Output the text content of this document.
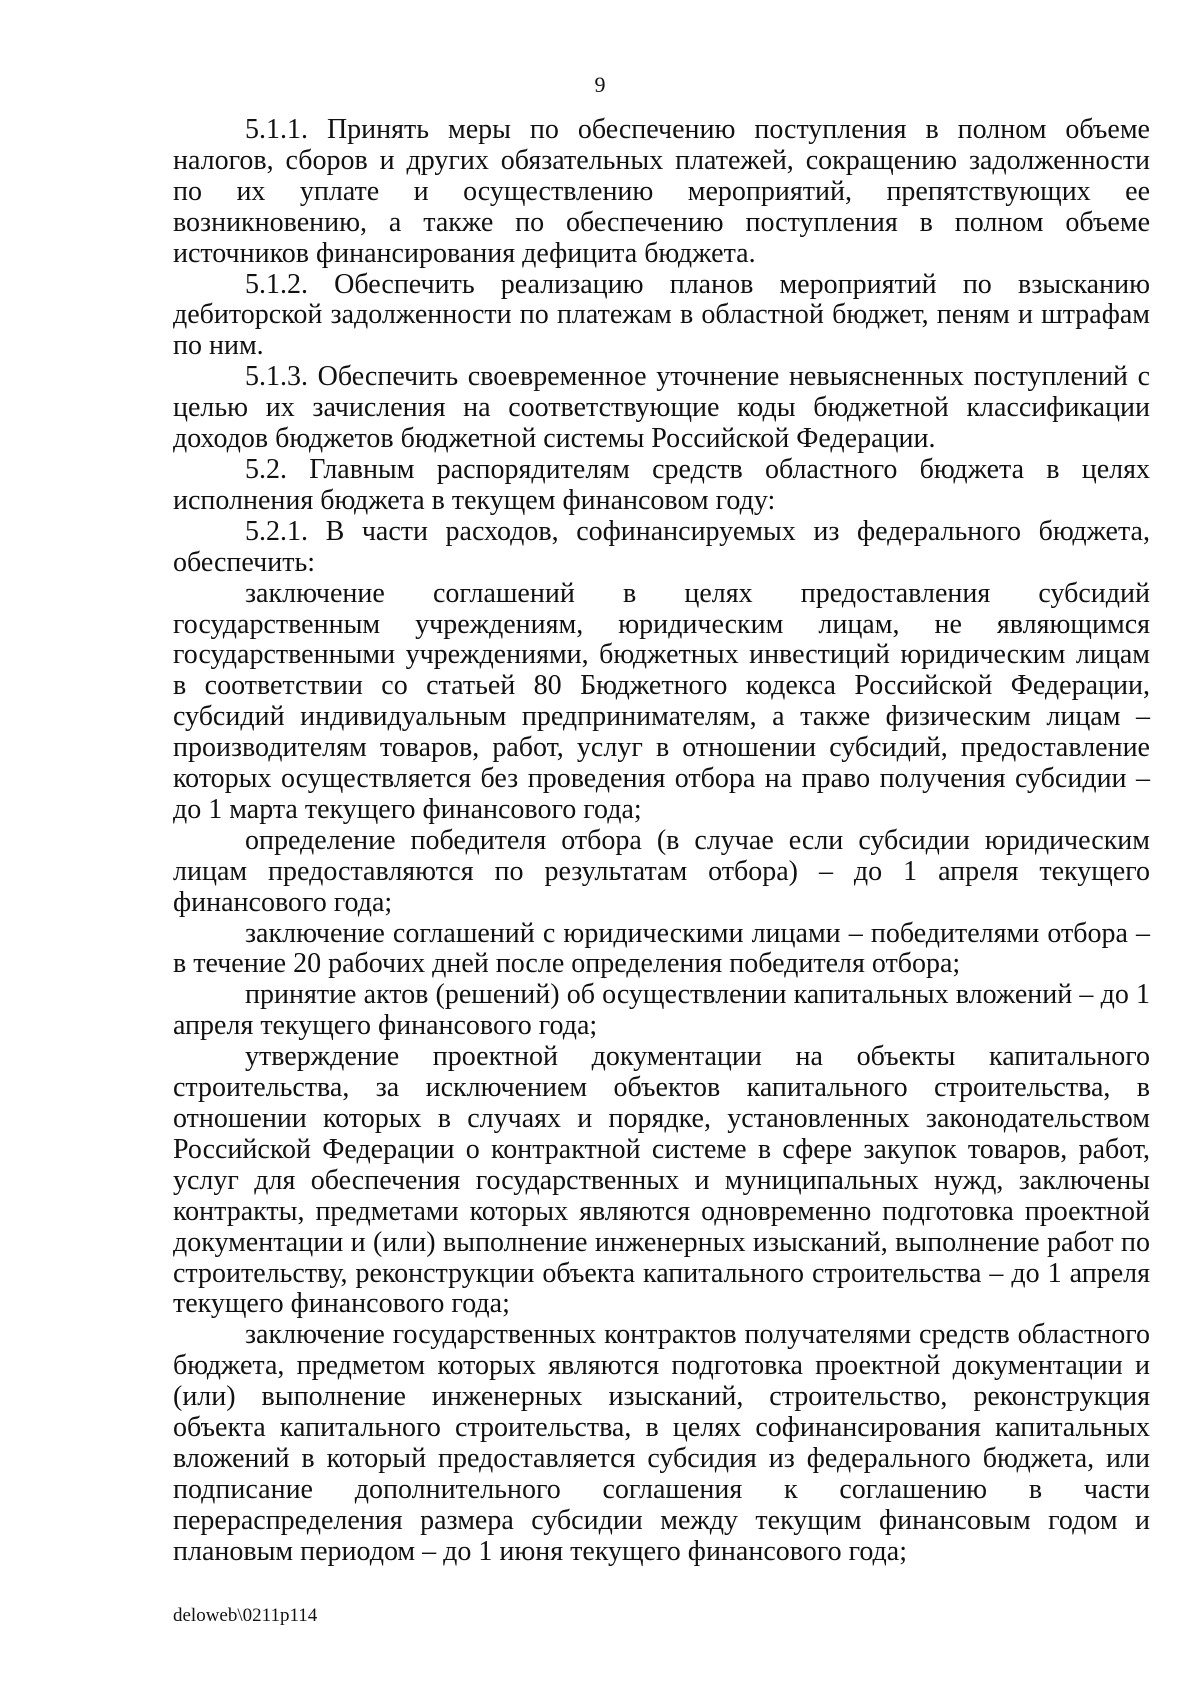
9

5.1.1. Принять меры по обеспечению поступления в полном объеме налогов, сборов и других обязательных платежей, сокращению задолженности по их уплате и осуществлению мероприятий, препятствующих ее возникновению, а также по обеспечению поступления в полном объеме источников финансирования дефицита бюджета.

5.1.2. Обеспечить реализацию планов мероприятий по взысканию дебиторской задолженности по платежам в областной бюджет, пеням и штрафам по ним.

5.1.3. Обеспечить своевременное уточнение невыясненных поступлений с целью их зачисления на соответствующие коды бюджетной классификации доходов бюджетов бюджетной системы Российской Федерации.

5.2. Главным распорядителям средств областного бюджета в целях исполнения бюджета в текущем финансовом году:

5.2.1. В части расходов, софинансируемых из федерального бюджета, обеспечить:

заключение соглашений в целях предоставления субсидий государственным учреждениям, юридическим лицам, не являющимся государственными учреждениями, бюджетных инвестиций юридическим лицам в соответствии со статьей 80 Бюджетного кодекса Российской Федерации, субсидий индивидуальным предпринимателям, а также физическим лицам – производителям товаров, работ, услуг в отношении субсидий, предоставление которых осуществляется без проведения отбора на право получения субсидии – до 1 марта текущего финансового года;

определение победителя отбора (в случае если субсидии юридическим лицам предоставляются по результатам отбора) – до 1 апреля текущего финансового года;

заключение соглашений с юридическими лицами – победителями отбора – в течение 20 рабочих дней после определения победителя отбора;

принятие актов (решений) об осуществлении капитальных вложений – до 1 апреля текущего финансового года;

утверждение проектной документации на объекты капитального строительства, за исключением объектов капитального строительства, в отношении которых в случаях и порядке, установленных законодательством Российской Федерации о контрактной системе в сфере закупок товаров, работ, услуг для обеспечения государственных и муниципальных нужд, заключены контракты, предметами которых являются одновременно подготовка проектной документации и (или) выполнение инженерных изысканий, выполнение работ по строительству, реконструкции объекта капитального строительства – до 1 апреля текущего финансового года;

заключение государственных контрактов получателями средств областного бюджета, предметом которых являются подготовка проектной документации и (или) выполнение инженерных изысканий, строительство, реконструкция объекта капитального строительства, в целях софинансирования капитальных вложений в который предоставляется субсидия из федерального бюджета, или подписание дополнительного соглашения к соглашению в части перераспределения размера субсидии между текущим финансовым годом и плановым периодом – до 1 июня текущего финансового года;

deloweb\0211p114
